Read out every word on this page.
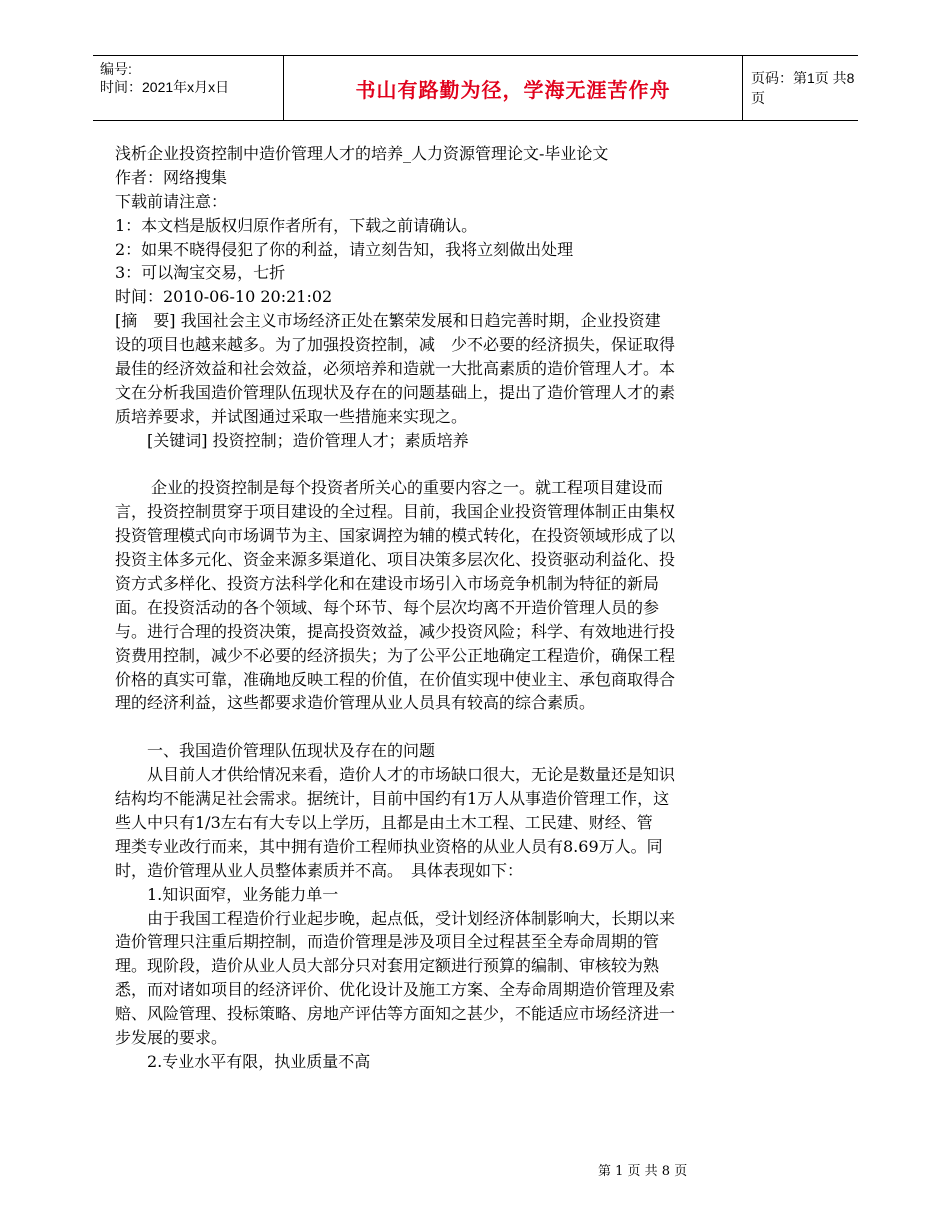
编号:
时间：2021年x月x日	书山有路勤为径，学海无涯苦作舟	页码：第1页 共8页
浅析企业投资控制中造价管理人才的培养_人力资源管理论文-毕业论文
作者：网络搜集
下载前请注意：
1：本文档是版权归原作者所有，下载之前请确认。
2：如果不晓得侵犯了你的利益，请立刻告知，我将立刻做出处理
3：可以淘宝交易，七折
时间：2010-06-10 20:21:02
[摘　要] 我国社会主义市场经济正处在繁荣发展和日趋完善时期，企业投资建
设的项目也越来越多。为了加强投资控制，减　少不必要的经济损失，保证取得
最佳的经济效益和社会效益，必须培养和造就一大批高素质的造价管理人才。本
文在分析我国造价管理队伍现状及存在的问题基础上，提出了造价管理人才的素
质培养要求，并试图通过采取一些措施来实现之。
[关键词] 投资控制；造价管理人才；素质培养
企业的投资控制是每个投资者所关心的重要内容之一。就工程项目建设而
言，投资控制贯穿于项目建设的全过程。目前，我国企业投资管理体制正由集权
投资管理模式向市场调节为主、国家调控为辅的模式转化，在投资领域形成了以
投资主体多元化、资金来源多渠道化、项目决策多层次化、投资驱动利益化、投
资方式多样化、投资方法科学化和在建设市场引入市场竞争机制为特征的新局
面。在投资活动的各个领域、每个环节、每个层次均离不开造价管理人员的参
与。进行合理的投资决策，提高投资效益，减少投资风险；科学、有效地进行投
资费用控制，减少不必要的经济损失；为了公平公正地确定工程造价，确保工程
价格的真实可靠，准确地反映工程的价值，在价值实现中使业主、承包商取得合
理的经济利益，这些都要求造价管理从业人员具有较高的综合素质。
一、我国造价管理队伍现状及存在的问题
从目前人才供给情况来看，造价人才的市场缺口很大，无论是数量还是知识
结构均不能满足社会需求。据统计，目前中国约有1万人从事造价管理工作，这
些人中只有1/3左右有大专以上学历，且都是由土木工程、工民建、财经、管
理类专业改行而来，其中拥有造价工程师执业资格的从业人员有8.69万人。同
时，造价管理从业人员整体素质并不高。　具体表现如下：
1.知识面窄，业务能力单一
由于我国工程造价行业起步晚，起点低，受计划经济体制影响大，长期以来
造价管理只注重后期控制，而造价管理是涉及项目全过程甚至全寿命周期的管
理。现阶段，造价从业人员大部分只对套用定额进行预算的编制、审核较为熟
悉，而对诸如项目的经济评价、优化设计及施工方案、全寿命周期造价管理及索
赔、风险管理、投标策略、房地产评估等方面知之甚少，不能适应市场经济进一
步发展的要求。
2.专业水平有限，执业质量不高
第 1 页 共 8 页
